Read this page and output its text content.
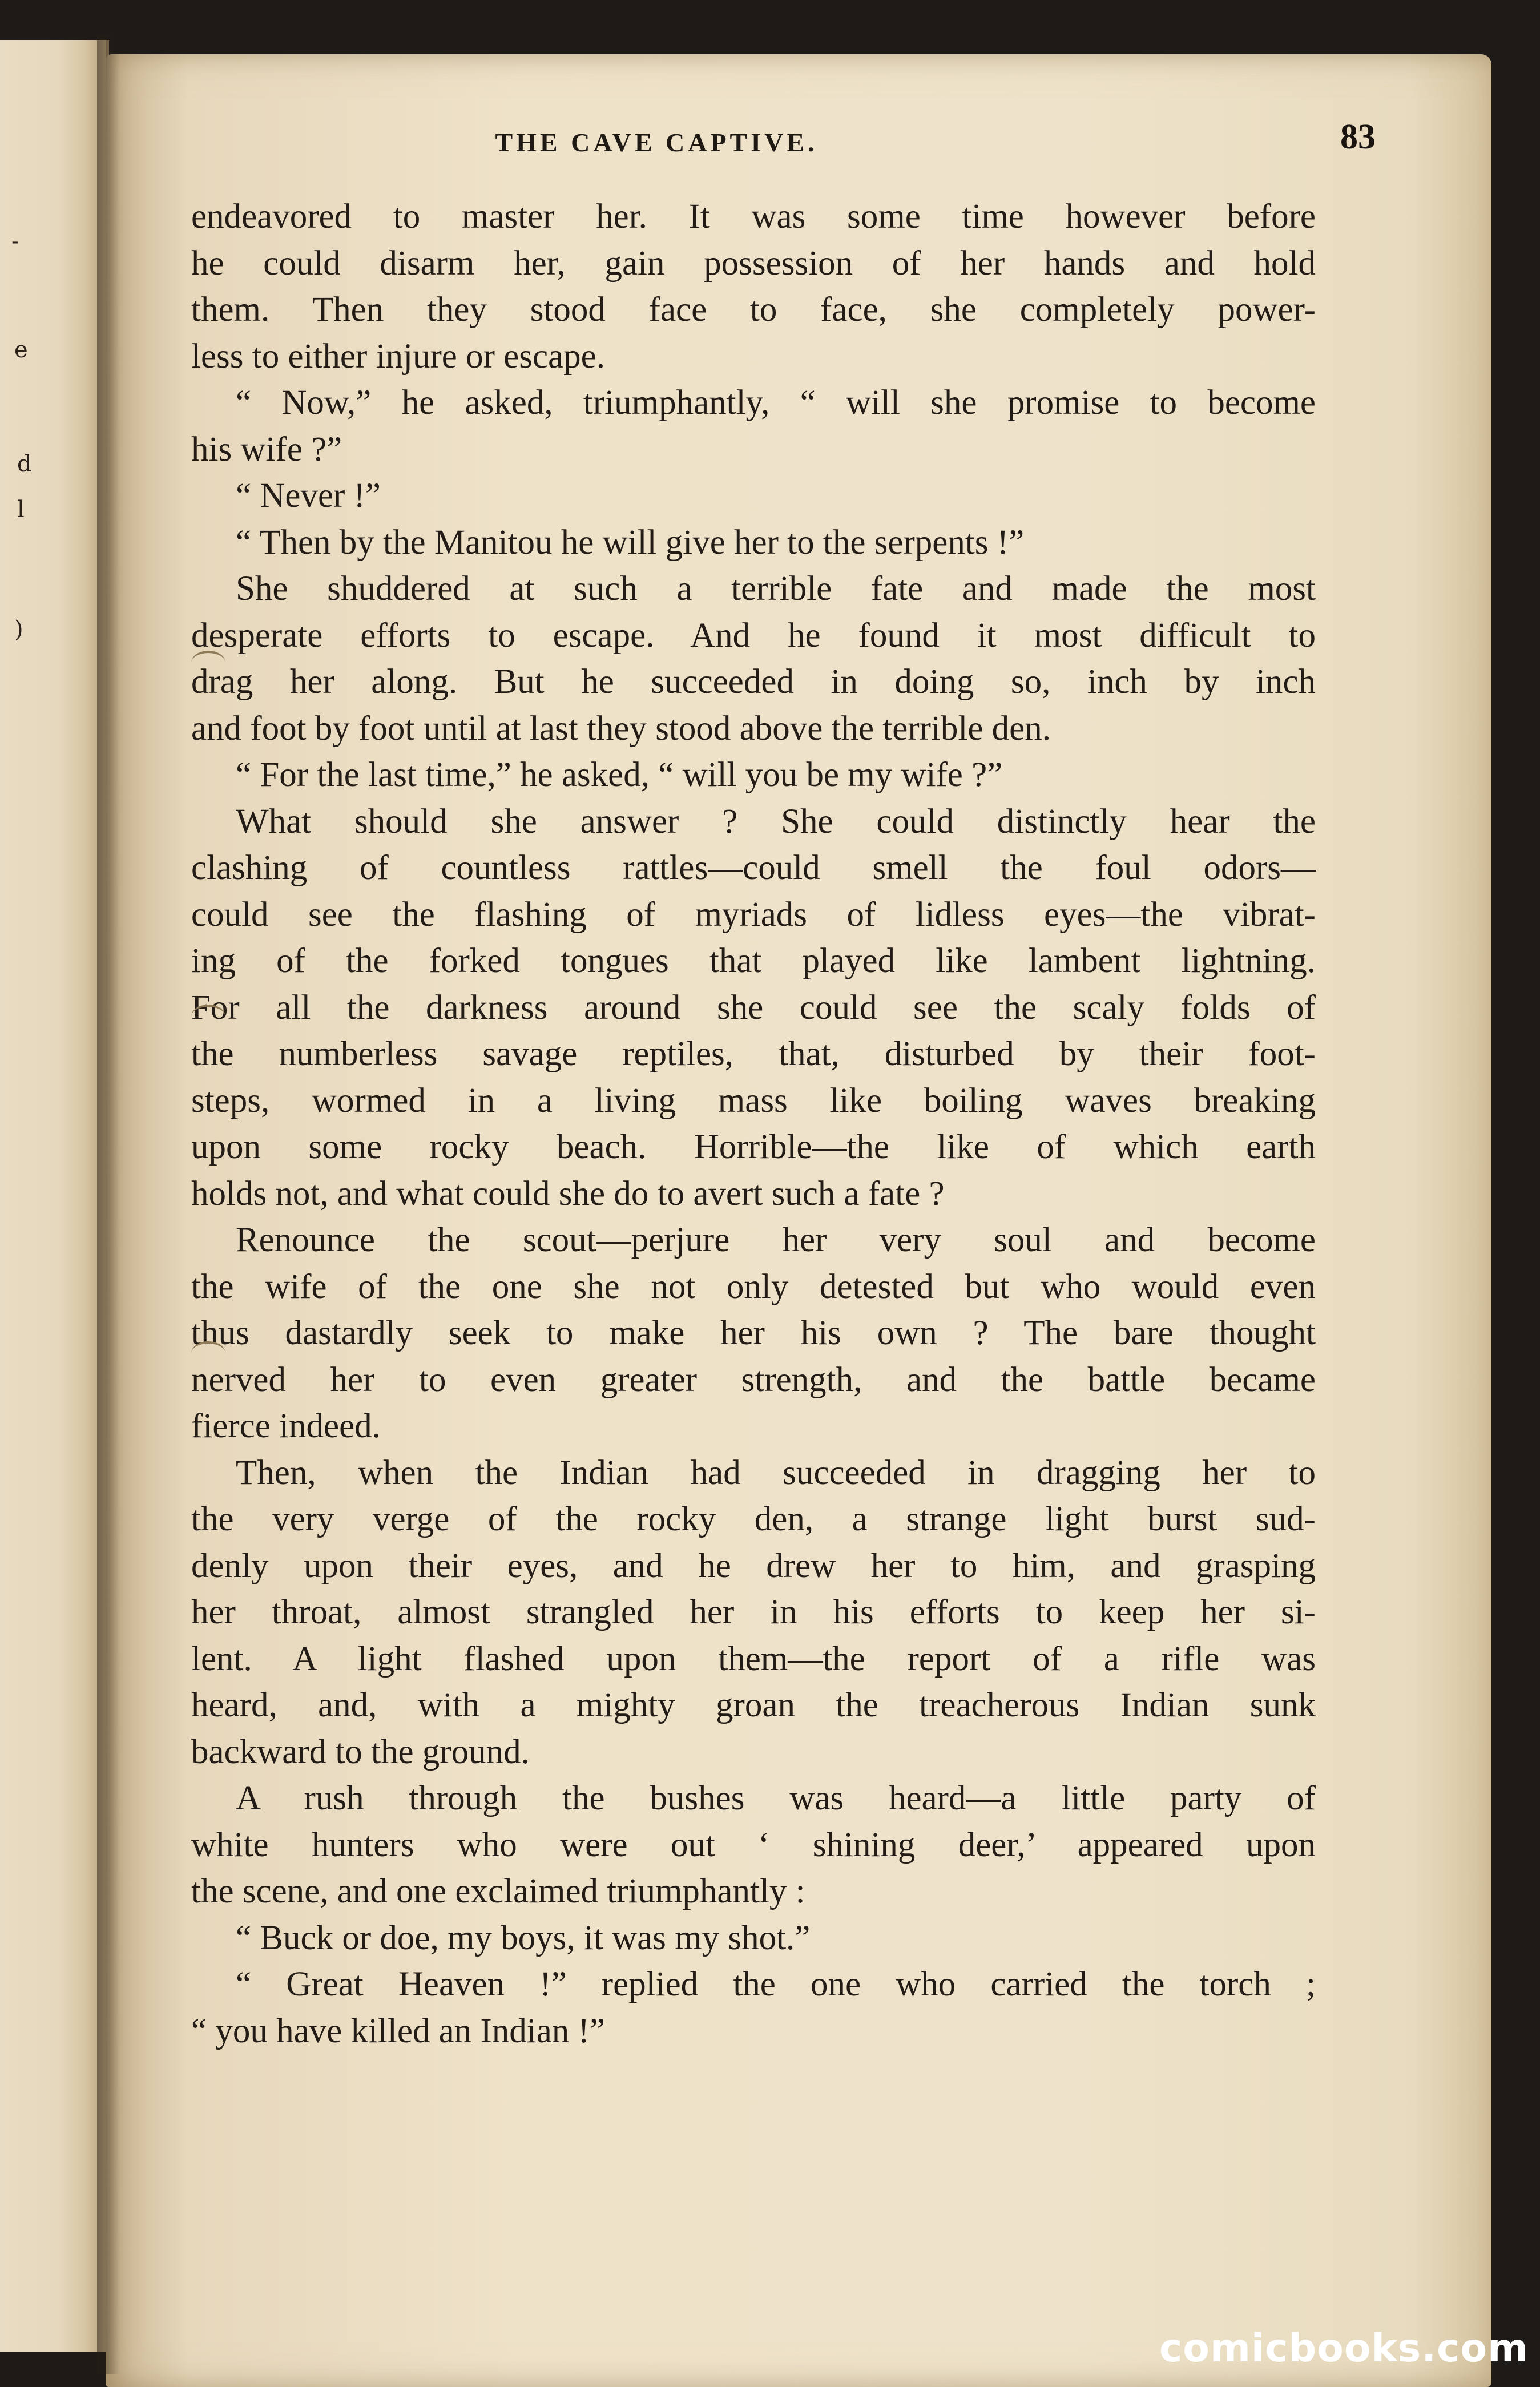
-
e
d
l
)
THE CAVE CAPTIVE.	83
endeavored to master her. It was some time however before
he could disarm her, gain possession of her hands and hold
them. Then they stood face to face, she completely power-
less to either injure or escape.
“ Now,” he asked, triumphantly, “ will she promise to become
his wife ?”
“ Never !”
“ Then by the Manitou he will give her to the serpents !”
She shuddered at such a terrible fate and made the most
desperate efforts to escape. And he found it most difficult to
drag her along. But he succeeded in doing so, inch by inch
and foot by foot until at last they stood above the terrible den.
“ For the last time,” he asked, “ will you be my wife ?”
What should she answer ? She could distinctly hear the
clashing of countless rattles—could smell the foul odors—
could see the flashing of myriads of lidless eyes—the vibrat-
ing of the forked tongues that played like lambent lightning.
For all the darkness around she could see the scaly folds of
the numberless savage reptiles, that, disturbed by their foot-
steps, wormed in a living mass like boiling waves breaking
upon some rocky beach. Horrible—the like of which earth
holds not, and what could she do to avert such a fate ?
Renounce the scout—perjure her very soul and become
the wife of the one she not only detested but who would even
thus dastardly seek to make her his own ? The bare thought
nerved her to even greater strength, and the battle became
fierce indeed.
Then, when the Indian had succeeded in dragging her to
the very verge of the rocky den, a strange light burst sud-
denly upon their eyes, and he drew her to him, and grasping
her throat, almost strangled her in his efforts to keep her si-
lent. A light flashed upon them—the report of a rifle was
heard, and, with a mighty groan the treacherous Indian sunk
backward to the ground.
A rush through the bushes was heard—a little party of
white hunters who were out ‘ shining deer,’ appeared upon
the scene, and one exclaimed triumphantly :
“ Buck or doe, my boys, it was my shot.”
“ Great Heaven !” replied the one who carried the torch ;
“ you have killed an Indian !”
comicbooks.com
